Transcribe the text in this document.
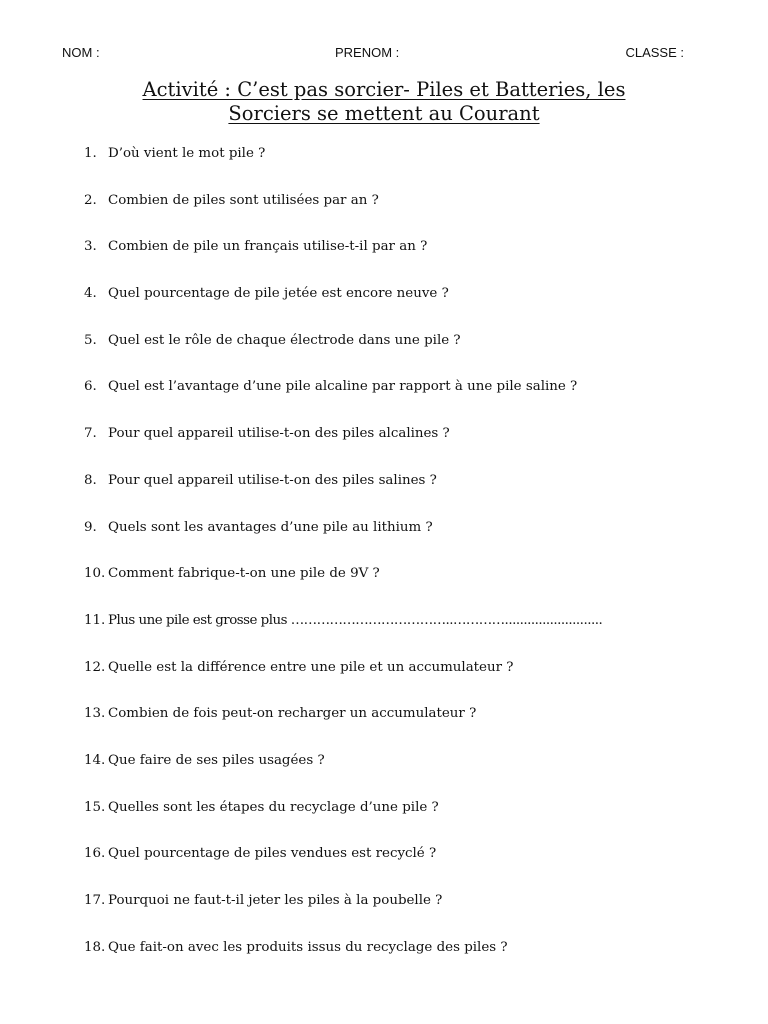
NOM :	PRENOM :	CLASSE :
Activité : C’est pas sorcier- Piles et Batteries, les
Sorciers se mettent au Courant
1. D’où vient le mot pile ?
2. Combien de piles sont utilisées par an ?
3. Combien de pile un français utilise-t-il par an ?
4. Quel pourcentage de pile jetée est encore neuve ?
5. Quel est le rôle de chaque électrode dans une pile ?
6. Quel est l’avantage d’une pile alcaline par rapport à une pile saline ?
7. Pour quel appareil utilise-t-on des piles alcalines ?
8. Pour quel appareil utilise-t-on des piles salines ?
9. Quels sont les avantages d’une pile au lithium ?
10. Comment fabrique-t-on une pile de 9V ?
11. Plus une pile est grosse plus ………………………………..…………..........................
12. Quelle est la différence entre une pile et un accumulateur ?
13. Combien de fois peut-on recharger un accumulateur ?
14. Que faire de ses piles usagées ?
15. Quelles sont les étapes du recyclage d’une pile ?
16. Quel pourcentage de piles vendues est recyclé ?
17. Pourquoi ne faut-t-il jeter les piles à la poubelle ?
18. Que fait-on avec les produits issus du recyclage des piles ?
